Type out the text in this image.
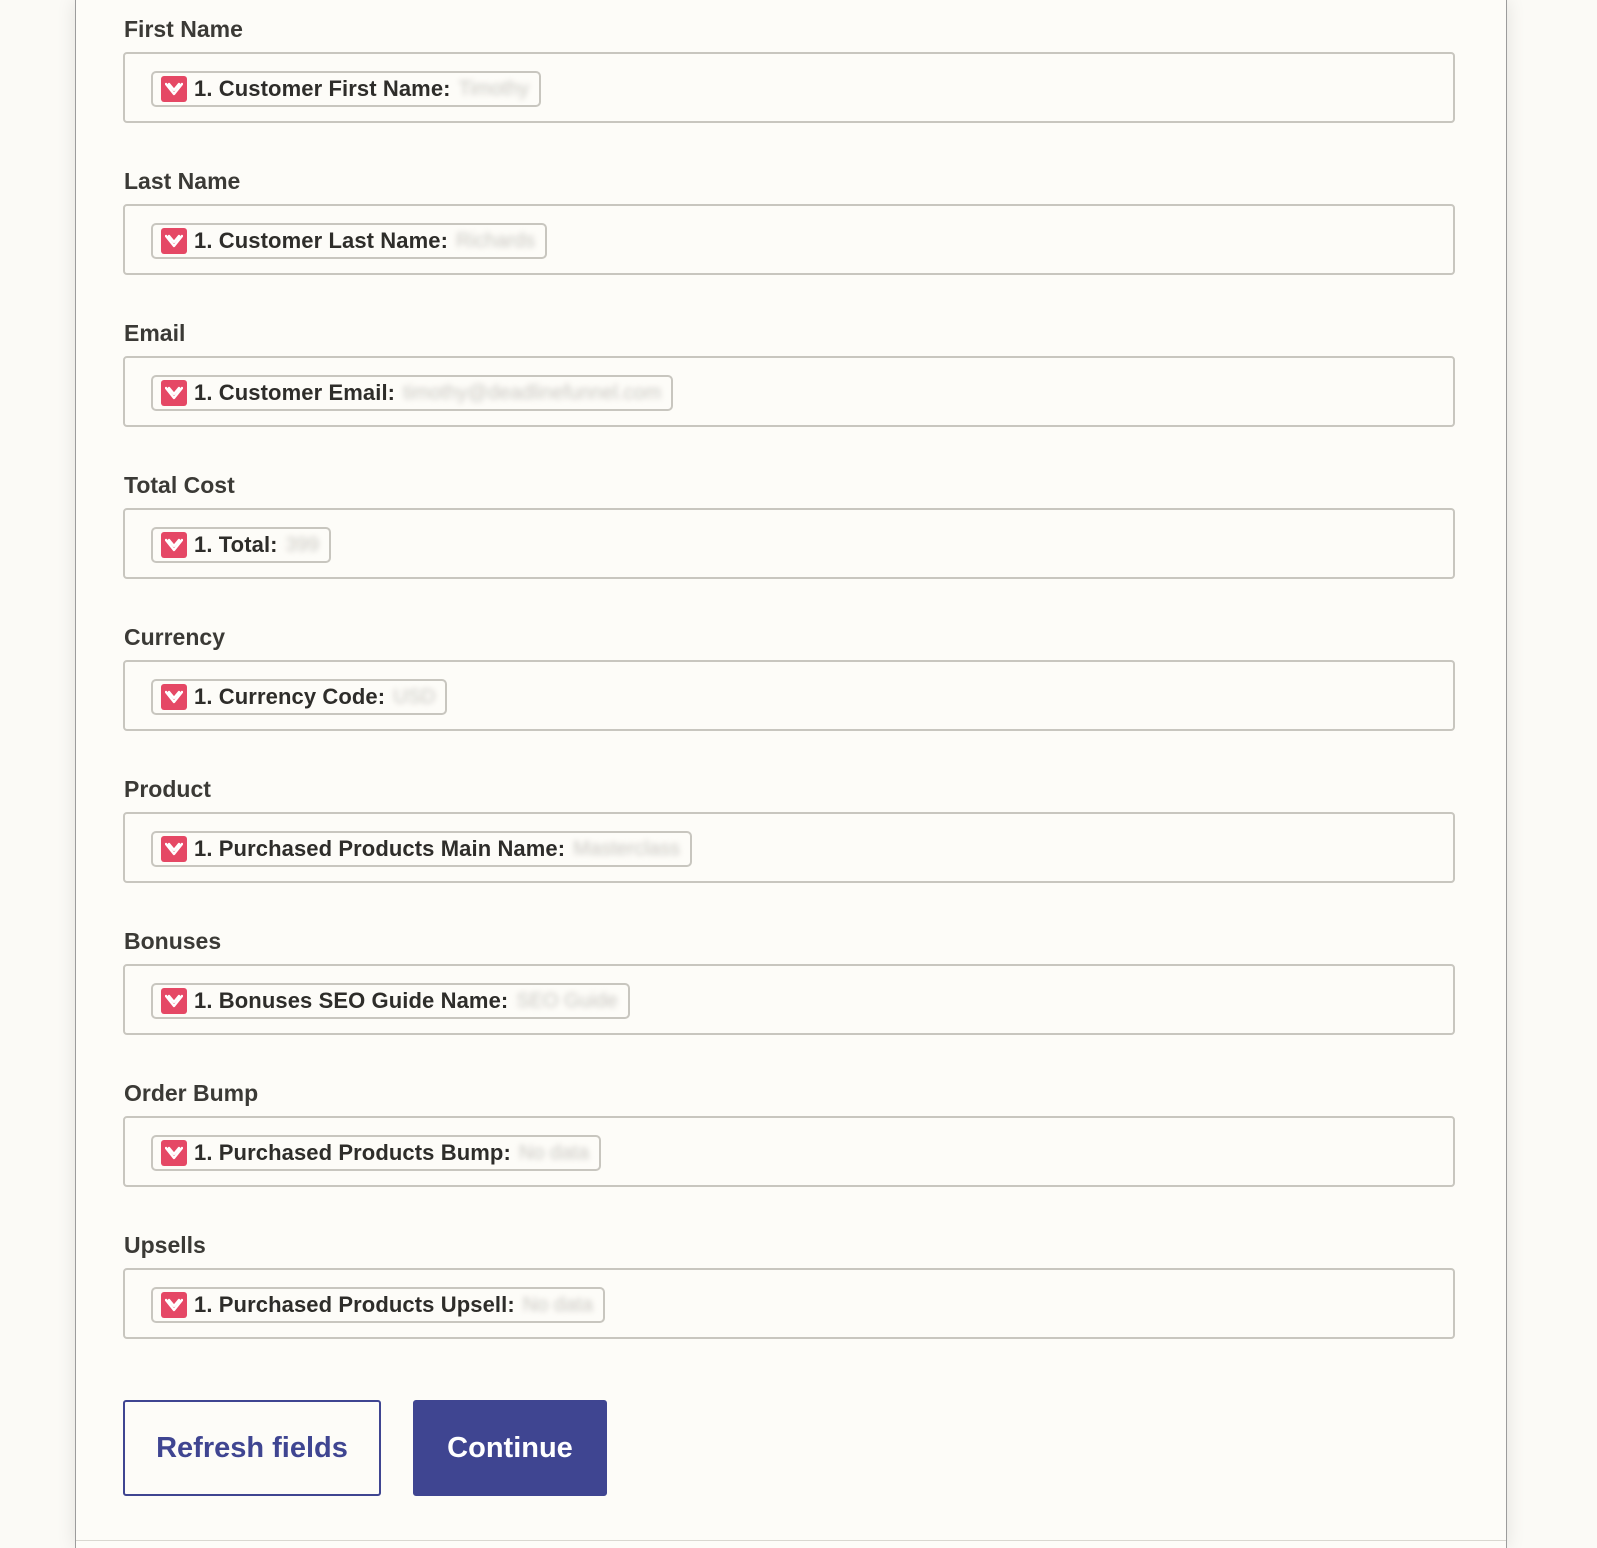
First Name
1. Customer First Name: Timothy
Last Name
1. Customer Last Name: Richards
Email
1. Customer Email: timothy@deadlinefunnel.com
Total Cost
1. Total: 399
Currency
1. Currency Code: USD
Product
1. Purchased Products Main Name: Masterclass
Bonuses
1. Bonuses SEO Guide Name: SEO Guide
Order Bump
1. Purchased Products Bump: No data
Upsells
1. Purchased Products Upsell: No data
Refresh fields	Continue
